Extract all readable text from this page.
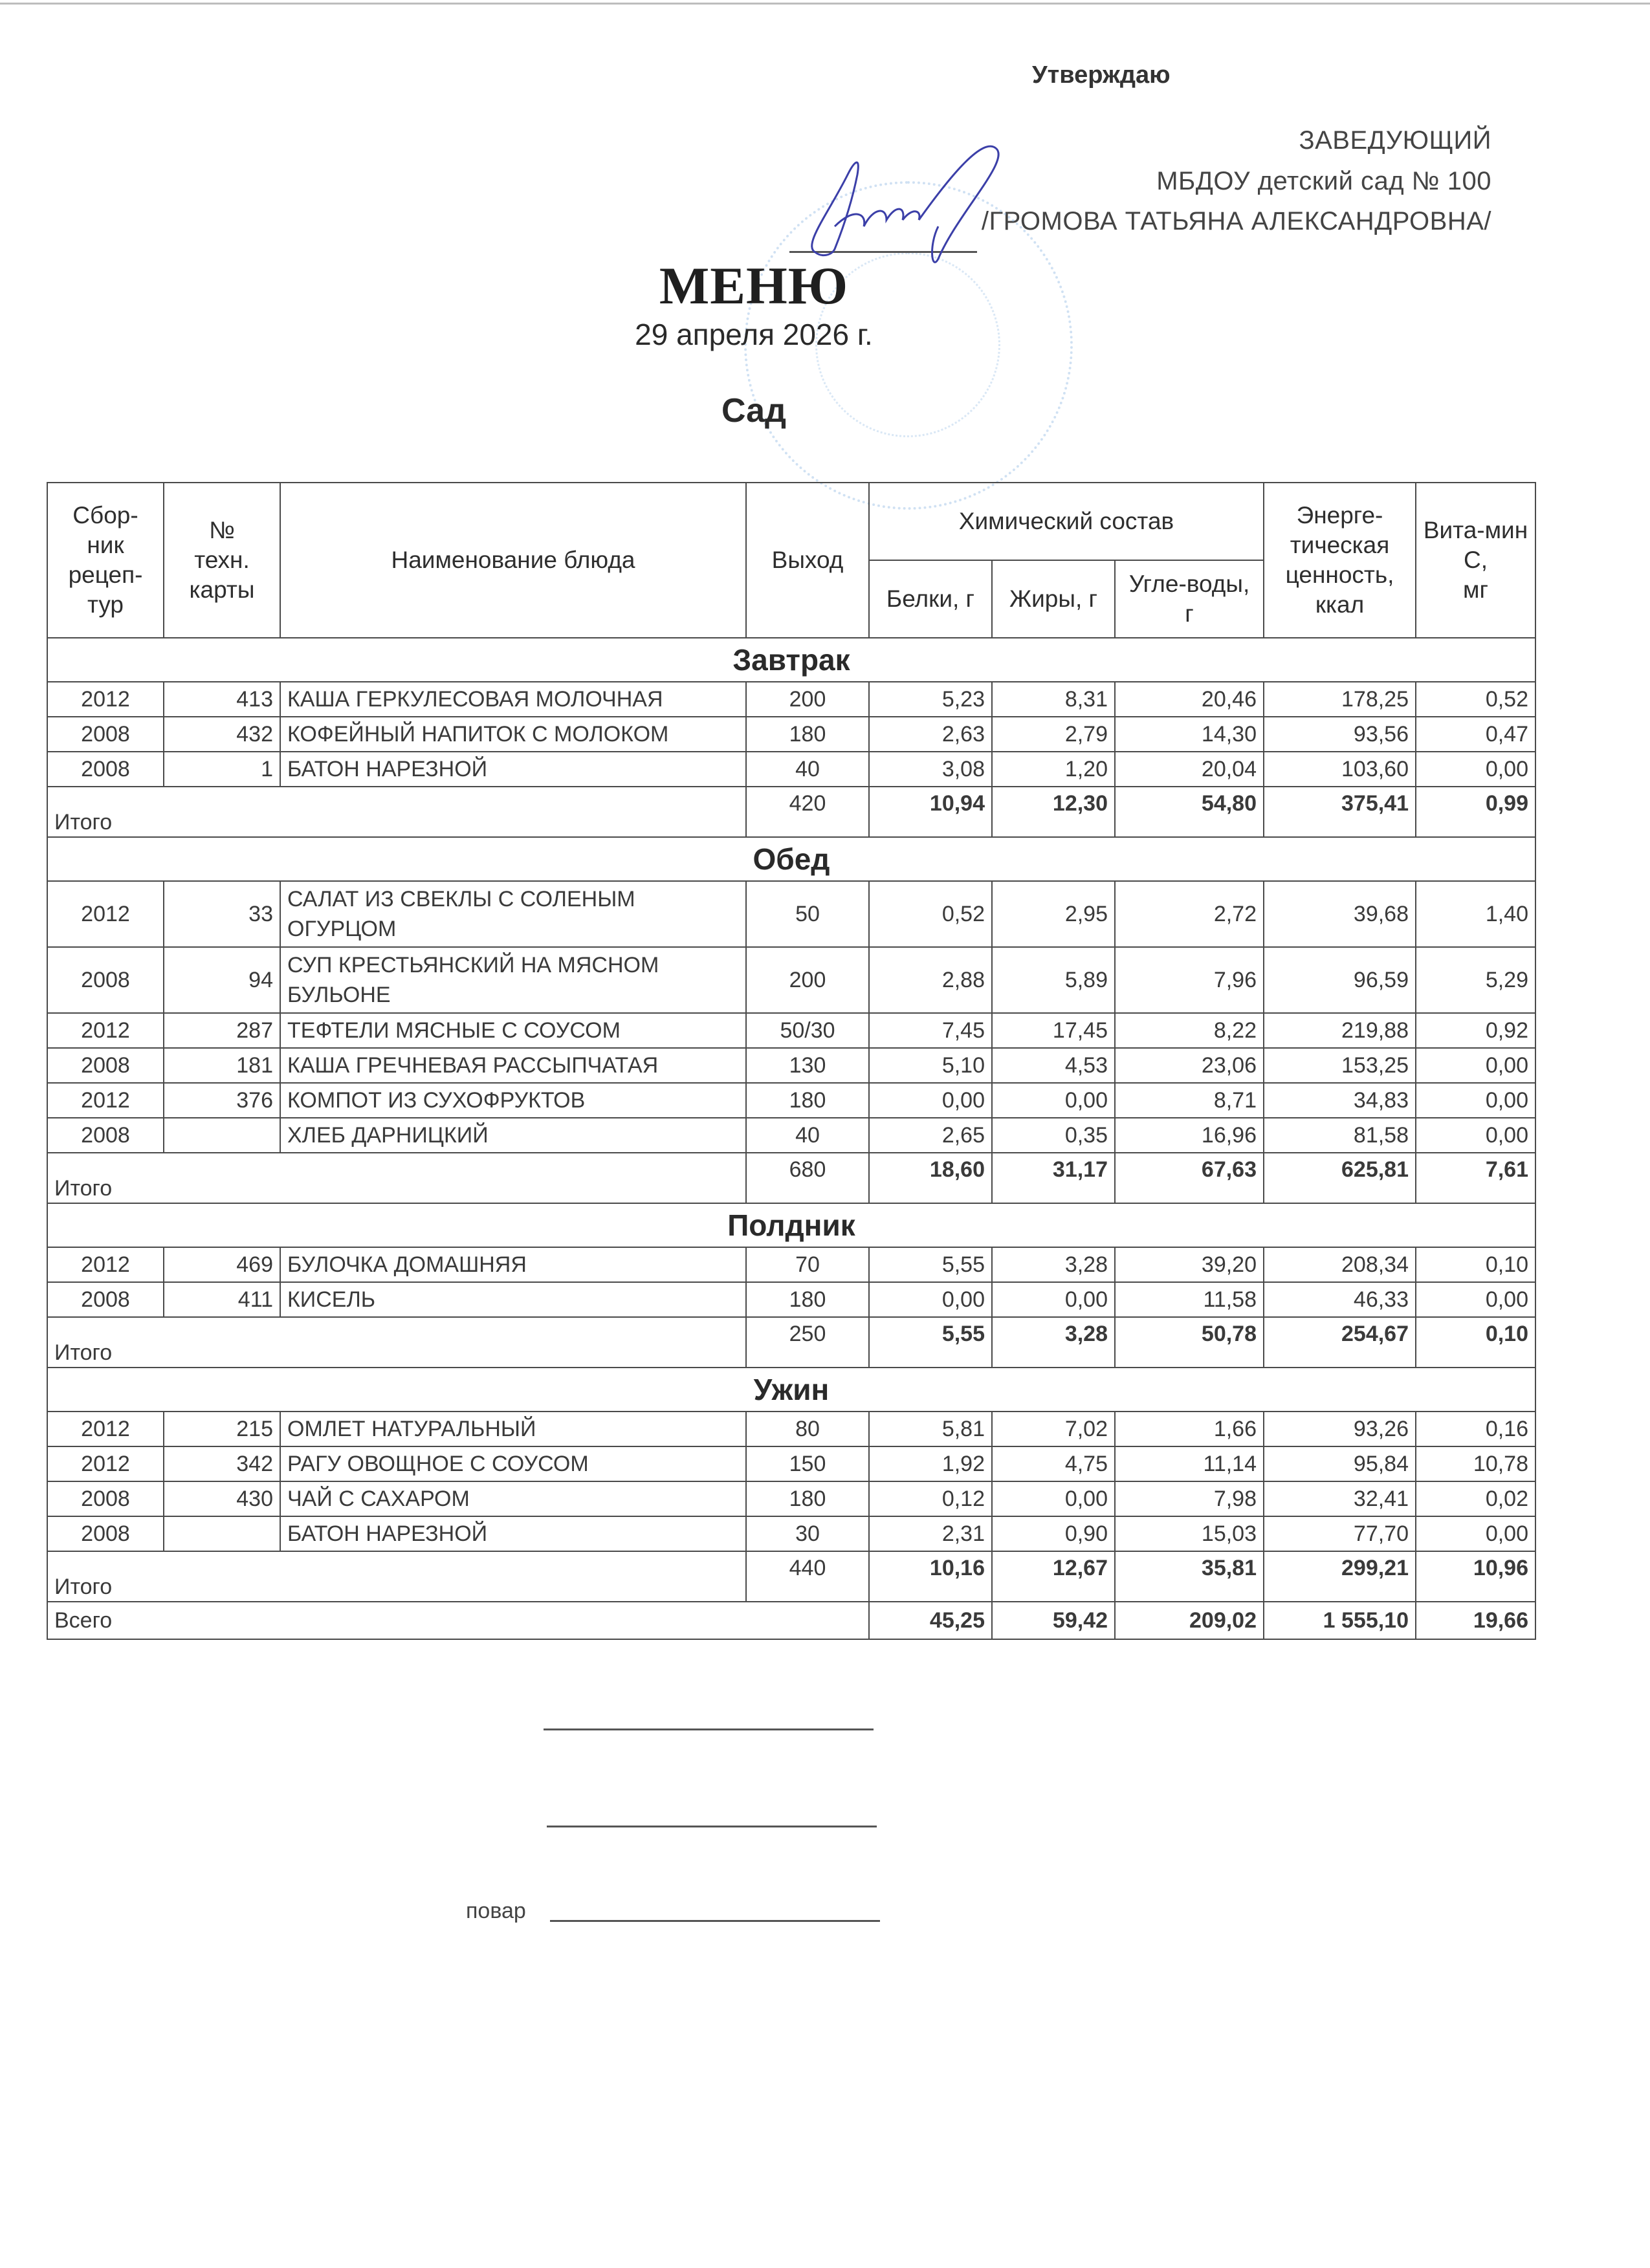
Утверждаю
ЗАВЕДУЮЩИЙ
МБДОУ детский сад № 100
/ГРОМОВА ТАТЬЯНА АЛЕКСАНДРОВНА/
МЕНЮ
29 апреля 2026 г.
Сад
Сбор-ник рецеп-тур	№ техн. карты	Наименование блюда	Выход	Химический состав			Энерге-тическая ценность, ккал	Вита-мин С, мг
				Белки, г	Жиры, г	Угле-воды, г		
Завтрак								
2012	413	КАША ГЕРКУЛЕСОВАЯ МОЛОЧНАЯ	200	5,23	8,31	20,46	178,25	0,52
2008	432	КОФЕЙНЫЙ НАПИТОК С МОЛОКОМ	180	2,63	2,79	14,30	93,56	0,47
2008	1	БАТОН НАРЕЗНОЙ	40	3,08	1,20	20,04	103,60	0,00
Итого			420	10,94	12,30	54,80	375,41	0,99
Обед								
2012	33	САЛАТ ИЗ СВЕКЛЫ С СОЛЕНЫМ ОГУРЦОМ	50	0,52	2,95	2,72	39,68	1,40
2008	94	СУП КРЕСТЬЯНСКИЙ НА МЯСНОМ БУЛЬОНЕ	200	2,88	5,89	7,96	96,59	5,29
2012	287	ТЕФТЕЛИ МЯСНЫЕ С СОУСОМ	50/30	7,45	17,45	8,22	219,88	0,92
2008	181	КАША ГРЕЧНЕВАЯ РАССЫПЧАТАЯ	130	5,10	4,53	23,06	153,25	0,00
2012	376	КОМПОТ ИЗ СУХОФРУКТОВ	180	0,00	0,00	8,71	34,83	0,00
2008		ХЛЕБ ДАРНИЦКИЙ	40	2,65	0,35	16,96	81,58	0,00
Итого			680	18,60	31,17	67,63	625,81	7,61
Полдник								
2012	469	БУЛОЧКА ДОМАШНЯЯ	70	5,55	3,28	39,20	208,34	0,10
2008	411	КИСЕЛЬ	180	0,00	0,00	11,58	46,33	0,00
Итого			250	5,55	3,28	50,78	254,67	0,10
Ужин								
2012	215	ОМЛЕТ НАТУРАЛЬНЫЙ	80	5,81	7,02	1,66	93,26	0,16
2012	342	РАГУ ОВОЩНОЕ С СОУСОМ	150	1,92	4,75	11,14	95,84	10,78
2008	430	ЧАЙ С САХАРОМ	180	0,12	0,00	7,98	32,41	0,02
2008		БАТОН НАРЕЗНОЙ	30	2,31	0,90	15,03	77,70	0,00
Итого			440	10,16	12,67	35,81	299,21	10,96
Всего				45,25	59,42	209,02	1 555,10	19,66
повар
